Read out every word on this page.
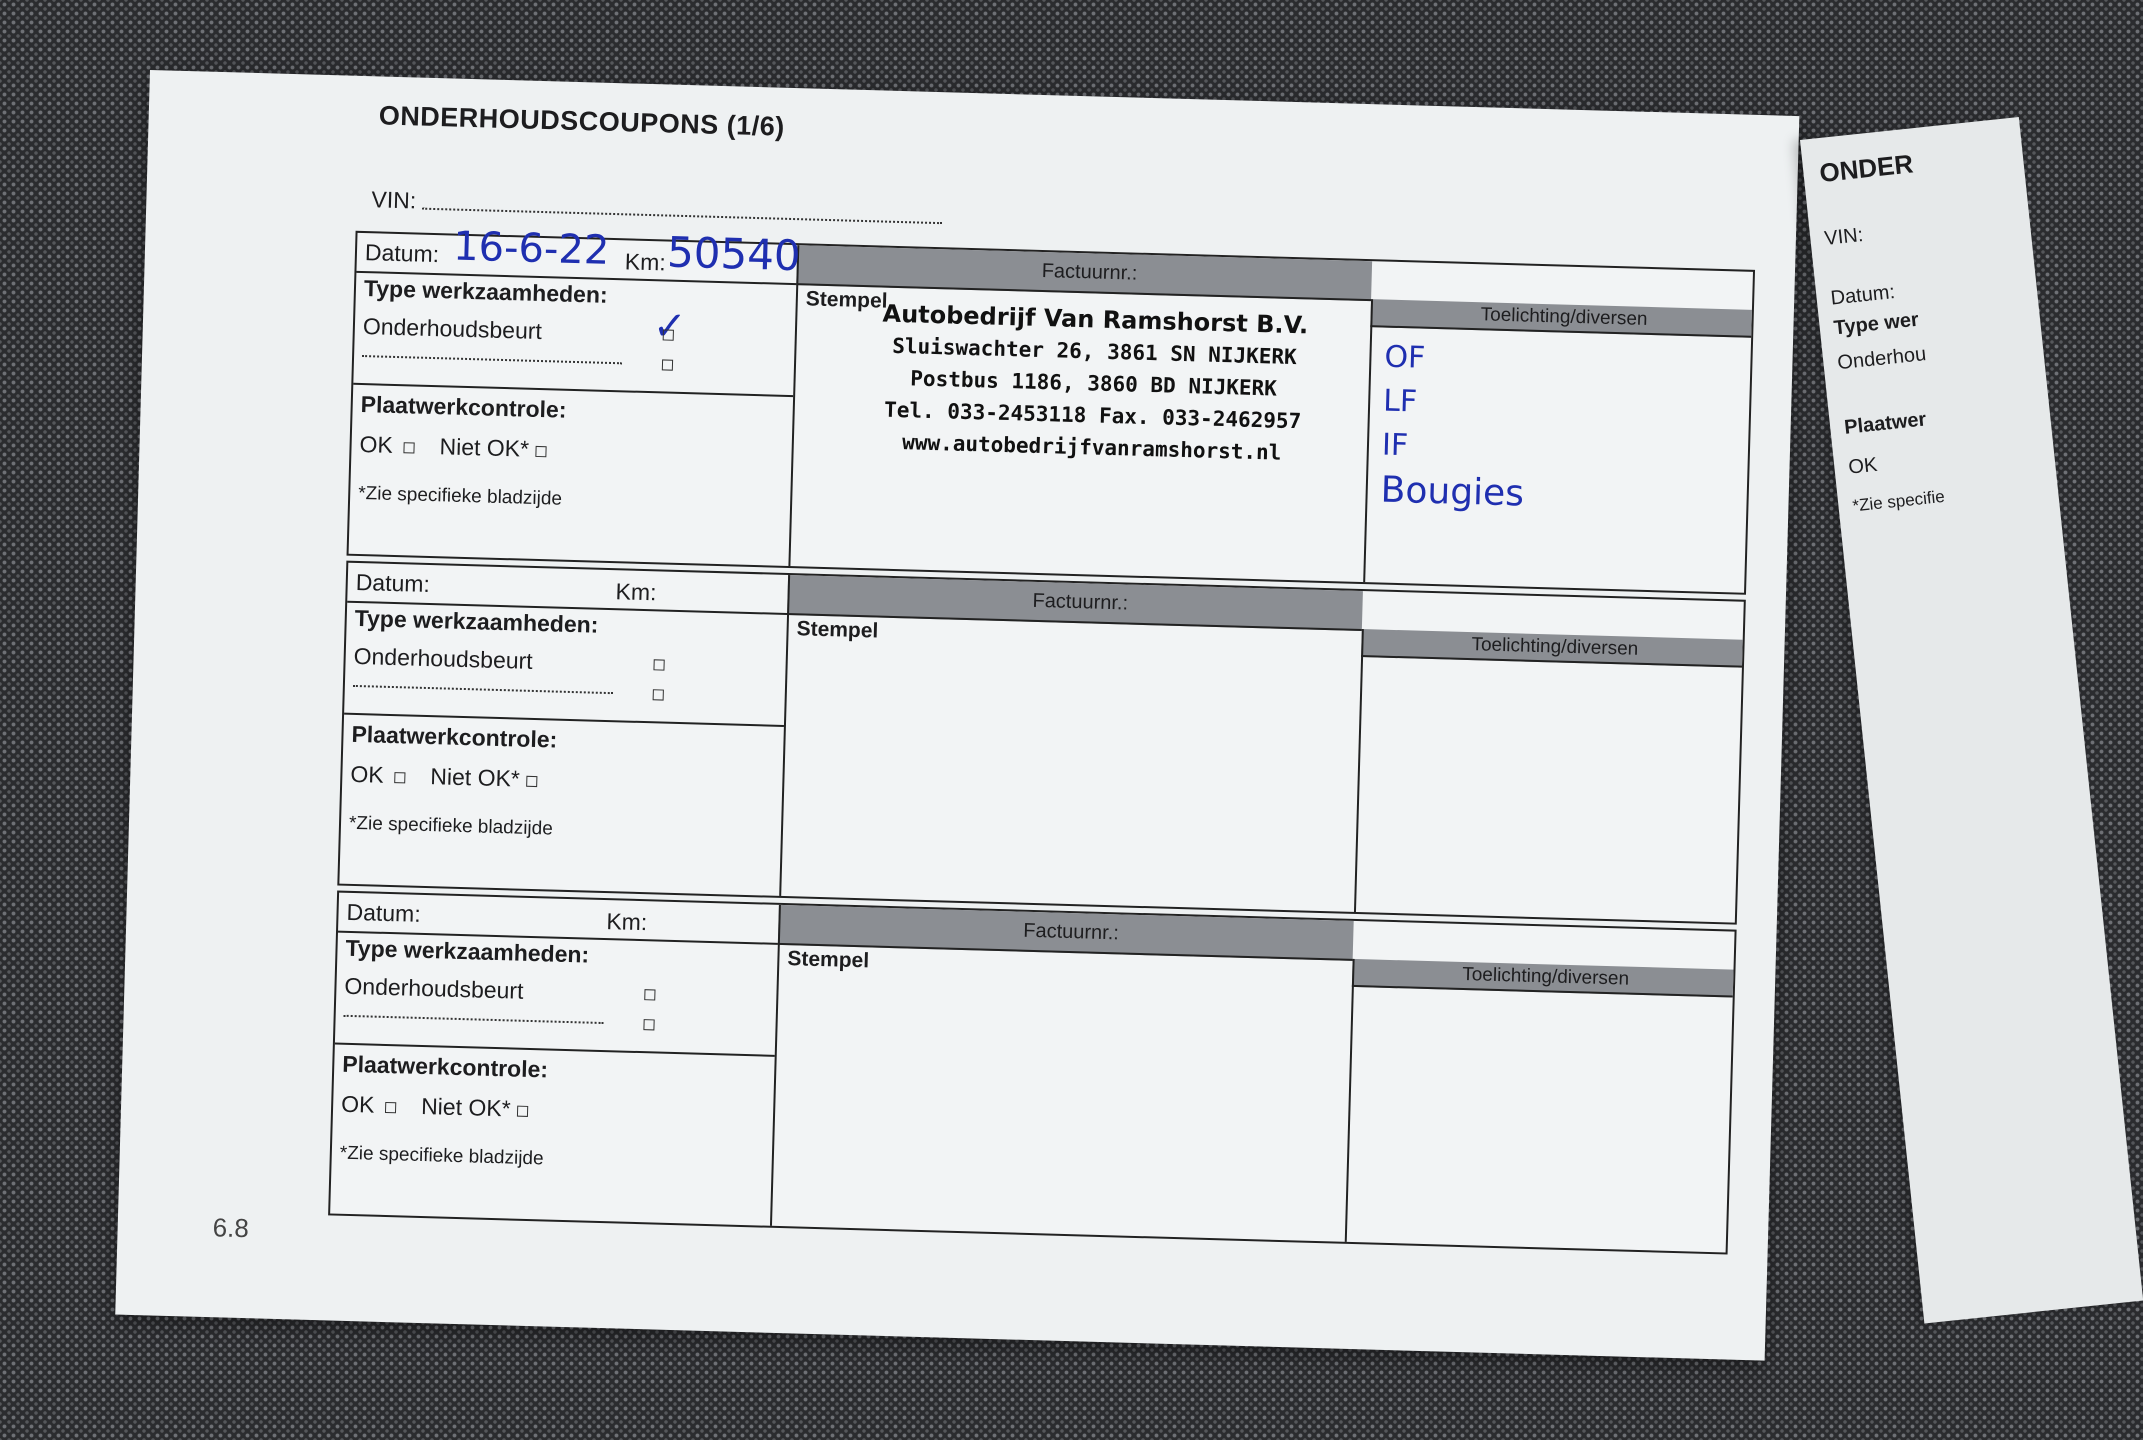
ONDERHOUDSCOUPONS (1/6)
VIN:
Factuurnr.:
Toelichting/diversen
Datum: 16-6-22 Km: 50540
Type werkzaamheden:
Onderhoudsbeurt	✓
Plaatwerkcontrole:
OK Niet OK*
*Zie specifieke bladzijde
Stempel
Autobedrijf Van Ramshorst B.V.
Sluiswachter 26, 3861 SN NIJKERK
Postbus 1186, 3860 BD NIJKERK
Tel. 033-2453118 Fax. 033-2462957
www.autobedrijfvanramshorst.nl
OF
LF
IF
Bougies
Factuurnr.:
Toelichting/diversen
Datum:	Km:
Type werkzaamheden:
Onderhoudsbeurt
Plaatwerkcontrole:
OK Niet OK*
*Zie specifieke bladzijde
Stempel
Factuurnr.:
Toelichting/diversen
Datum:	Km:
Type werkzaamheden:
Onderhoudsbeurt
Plaatwerkcontrole:
OK Niet OK*
*Zie specifieke bladzijde
Stempel
6.8
ONDER
VIN:
Datum:
Type wer
Onderhou
Plaatwer
OK
*Zie specifie
